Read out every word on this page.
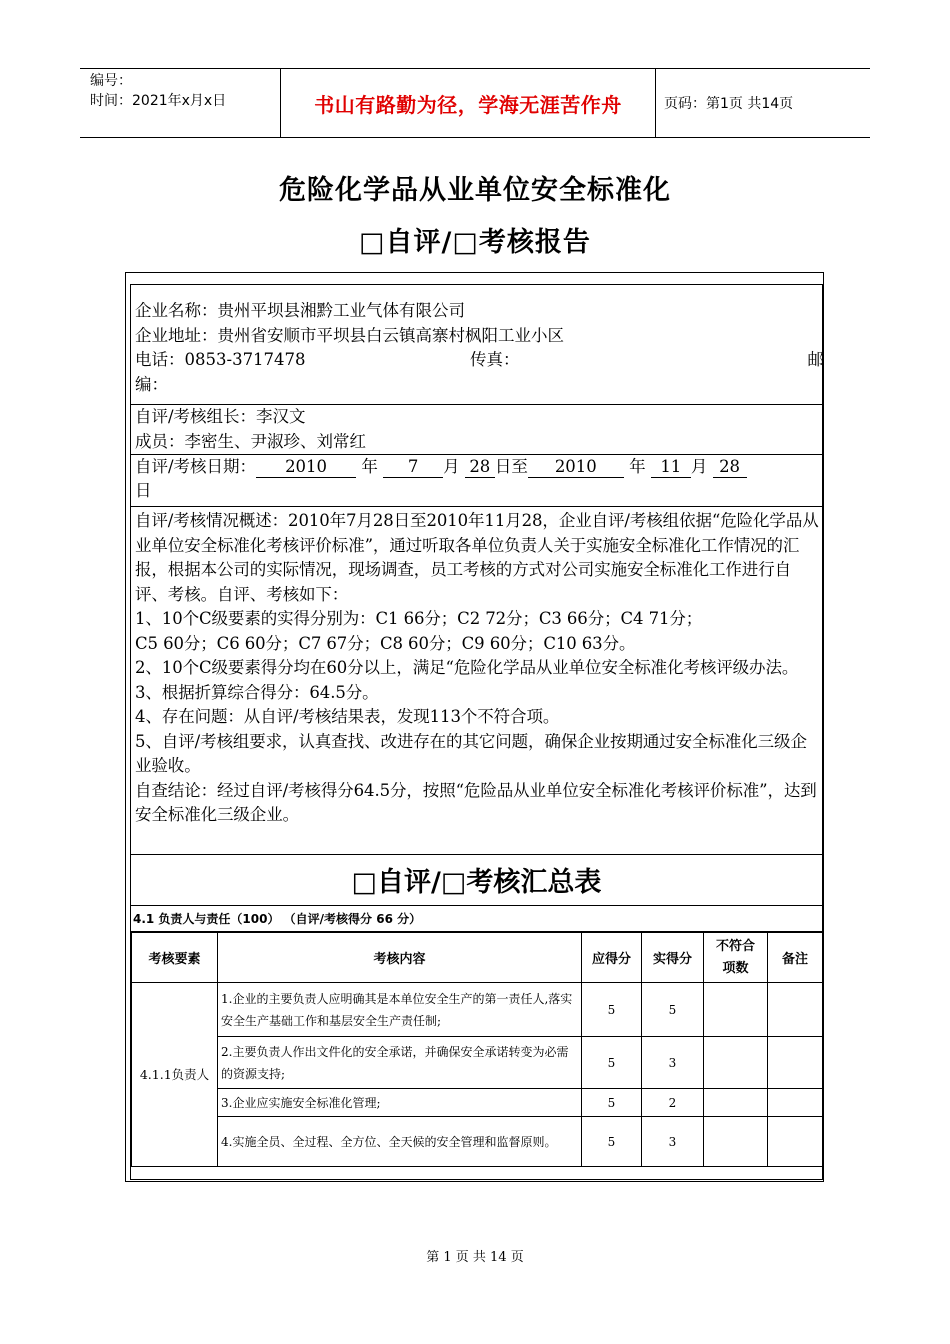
编号：
时间：2021年x月x日	书山有路勤为径，学海无涯苦作舟	页码：第1页 共14页
危险化学品从业单位安全标准化
□自评/□考核报告

企业名称：贵州平坝县湘黔工业气体有限公司

企业地址：贵州省安顺市平坝县白云镇高寨村枫阳工业小区

电话：0853-3717478	传真：	邮

编：

自评/考核组长：李汉文

成员：李密生、尹淑珍、刘常红

自评/考核日期： 2010 年 7 月 28 日至 2010 年 11 月 28

日

自评/考核情况概述：2010年7月28日至2010年11月28，企业自评/考核组依据“危险化学品从业单位安全标准化考核评价标准”，通过听取各单位负责人关于实施安全标准化工作情况的汇报，根据本公司的实际情况，现场调查，员工考核的方式对公司实施安全标准化工作进行自评、考核。自评、考核如下：

1、10个C级要素的实得分别为：C1 66分；C2 72分；C3 66分；C4 71分；

C5 60分；C6 60分；C7 67分；C8 60分；C9 60分；C10 63分。

2、10个C级要素得分均在60分以上，满足“危险化学品从业单位安全标准化考核评级办法。

3、根据折算综合得分：64.5分。

4、存在问题：从自评/考核结果表，发现113个不符合项。

5、自评/考核组要求，认真查找、改进存在的其它问题，确保企业按期通过安全标准化三级企业验收。

自查结论：经过自评/考核得分64.5分，按照“危险品从业单位安全标准化考核评价标准”，达到安全标准化三级企业。

□自评/□考核汇总表
4.1 负责人与责任（100） （自评/考核得分 66 分）
考核要素	考核内容	应得分	实得分	不符合项数	备注
4.1.1负责人	1.企业的主要负责人应明确其是本单位安全生产的第一责任人,落实安全生产基础工作和基层安全生产责任制;	5	5		
	2.主要负责人作出文件化的安全承诺，并确保安全承诺转变为必需的资源支持;	5	3		
	3.企业应实施安全标准化管理;	5	2		
	4.实施全员、全过程、全方位、全天候的安全管理和监督原则。	5	3		
第 1 页 共 14 页
